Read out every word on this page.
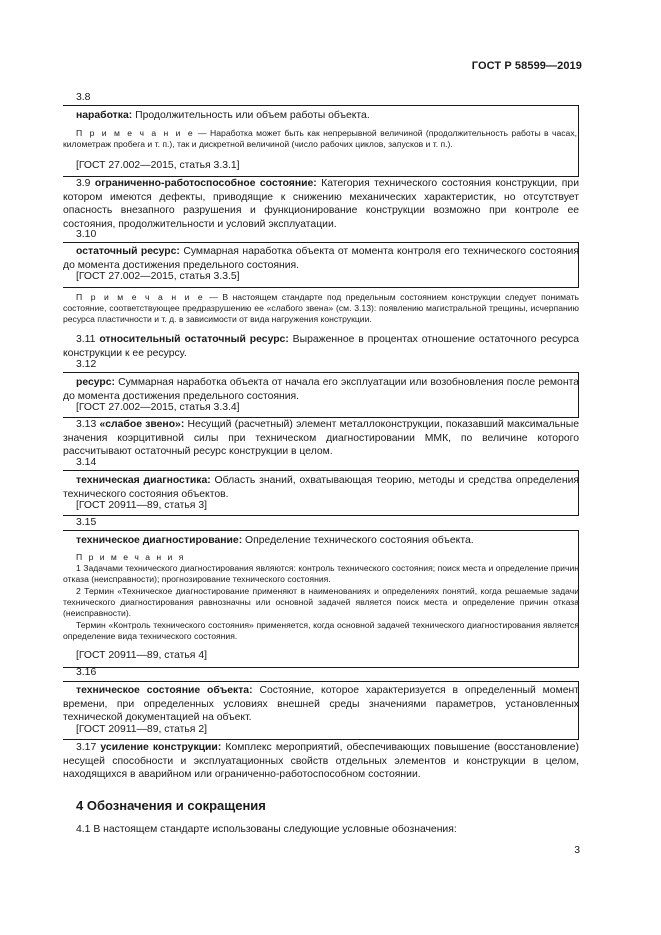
ГОСТ Р 58599—2019
3.8
наработка: Продолжительность или объем работы объекта.
П р и м е ч а н и е — Наработка может быть как непрерывной величиной (продолжительность работы в часах, километраж пробега и т. п.), так и дискретной величиной (число рабочих циклов, запусков и т. п.).
[ГОСТ 27.002—2015, статья 3.3.1]
3.9 ограниченно-работоспособное состояние: Категория технического состояния конструкции, при котором имеются дефекты, приводящие к снижению механических характеристик, но отсутствует опасность внезапного разрушения и функционирование конструкции возможно при контроле ее состояния, продолжительности и условий эксплуатации.
3.10
остаточный ресурс: Суммарная наработка объекта от момента контроля его технического состояния до момента достижения предельного состояния.
[ГОСТ 27.002—2015, статья 3.3.5]
П р и м е ч а н и е — В настоящем стандарте под предельным состоянием конструкции следует понимать состояние, соответствующее предразрушению ее «слабого звена» (см. 3.13): появлению магистральной трещины, исчерпанию ресурса пластичности и т. д. в зависимости от вида нагружения конструкции.
3.11 относительный остаточный ресурс: Выраженное в процентах отношение остаточного ресурса конструкции к ее ресурсу.
3.12
ресурс: Суммарная наработка объекта от начала его эксплуатации или возобновления после ремонта до момента достижения предельного состояния.
[ГОСТ 27.002—2015, статья 3.3.4]
3.13 «слабое звено»: Несущий (расчетный) элемент металлоконструкции, показавший максимальные значения коэрцитивной силы при техническом диагностировании ММК, по величине которого рассчитывают остаточный ресурс конструкции в целом.
3.14
техническая диагностика: Область знаний, охватывающая теорию, методы и средства определения технического состояния объектов.
[ГОСТ 20911—89, статья 3]
3.15
техническое диагностирование: Определение технического состояния объекта.
П р и м е ч а н и я
1 Задачами технического диагностирования являются: контроль технического состояния; поиск места и определение причин отказа (неисправности); прогнозирование технического состояния.
2 Термин «Техническое диагностирование применяют в наименованиях и определениях понятий, когда решаемые задачи технического диагностирования равнозначны или основной задачей является поиск места и определение причин отказа (неисправности).
Термин «Контроль технического состояния» применяется, когда основной задачей технического диагностирования является определение вида технического состояния.
[ГОСТ 20911—89, статья 4]
3.16
техническое состояние объекта: Состояние, которое характеризуется в определенный момент времени, при определенных условиях внешней среды значениями параметров, установленных технической документацией на объект.
[ГОСТ 20911—89, статья 2]
3.17 усиление конструкции: Комплекс мероприятий, обеспечивающих повышение (восстановление) несущей способности и эксплуатационных свойств отдельных элементов и конструкции в целом, находящихся в аварийном или ограниченно-работоспособном состоянии.
4 Обозначения и сокращения
4.1 В настоящем стандарте использованы следующие условные обозначения:
3
